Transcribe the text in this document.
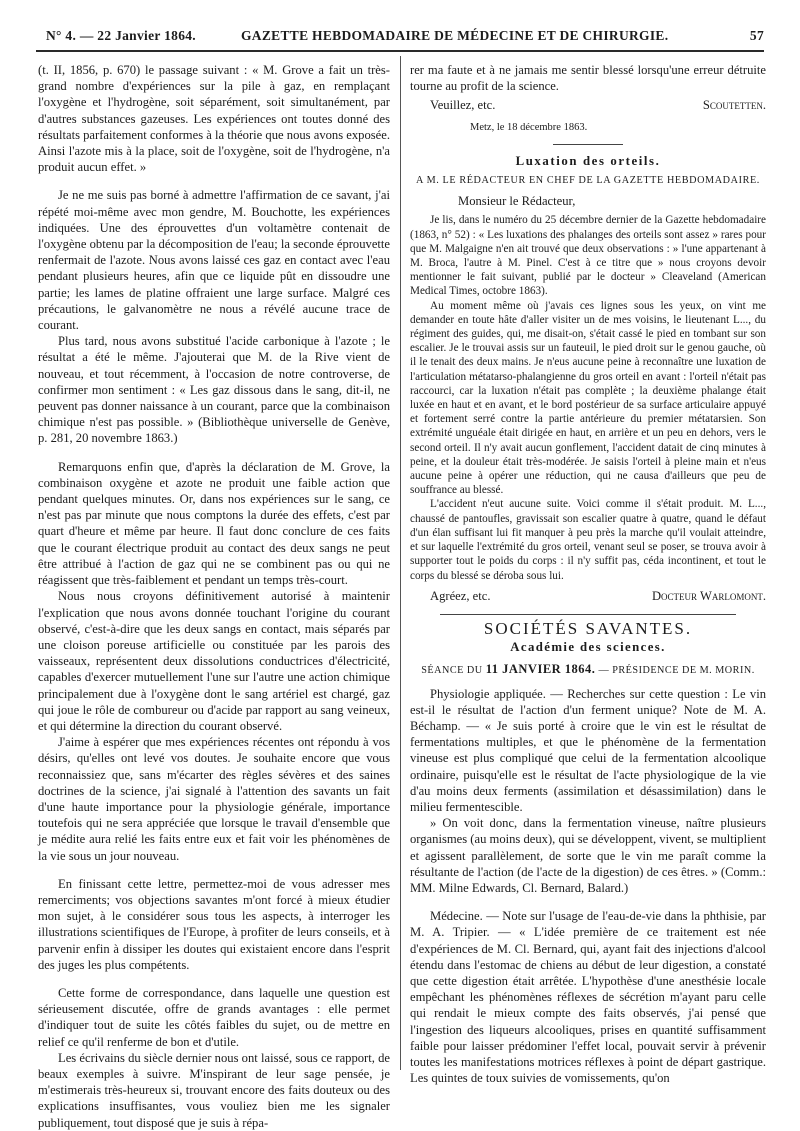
N° 4. — 22 Janvier 1864.	GAZETTE HEBDOMADAIRE DE MÉDECINE ET DE CHIRURGIE.	57

(t. II, 1856, p. 670) le passage suivant : « M. Grove a fait un très-grand nombre d'expériences sur la pile à gaz, en remplaçant l'oxygène et l'hydrogène, soit séparément, soit simultanément, par d'autres substances gazeuses. Les expériences ont toutes donné des résultats parfaitement conformes à la théorie que nous avons exposée. Ainsi l'azote mis à la place, soit de l'oxygène, soit de l'hydrogène, n'a produit aucun effet. »

Je ne me suis pas borné à admettre l'affirmation de ce savant, j'ai répété moi-même avec mon gendre, M. Bouchotte, les expériences indiquées. Une des éprouvettes d'un voltamètre contenait de l'oxygène obtenu par la décomposition de l'eau; la seconde éprouvette renfermait de l'azote. Nous avons laissé ces gaz en contact avec l'eau pendant plusieurs heures, afin que ce liquide pût en dissoudre une partie; les lames de platine offraient une large surface. Malgré ces précautions, le galvanomètre ne nous a révélé aucune trace de courant.

Plus tard, nous avons substitué l'acide carbonique à l'azote ; le résultat a été le même. J'ajouterai que M. de la Rive vient de nouveau, et tout récemment, à l'occasion de notre controverse, de confirmer mon sentiment : « Les gaz dissous dans le sang, dit-il, ne peuvent pas donner naissance à un courant, parce que la combinaison chimique n'est pas possible. » (Bibliothèque universelle de Genève, p. 281, 20 novembre 1863.)

Remarquons enfin que, d'après la déclaration de M. Grove, la combinaison oxygène et azote ne produit une faible action que pendant quelques minutes. Or, dans nos expériences sur le sang, ce n'est pas par minute que nous comptons la durée des effets, c'est par quart d'heure et même par heure. Il faut donc conclure de ces faits que le courant électrique produit au contact des deux sangs ne peut être attribué à l'action de gaz qui ne se combinent pas ou qui ne réagissent que très-faiblement et pendant un temps très-court.

Nous nous croyons définitivement autorisé à maintenir l'explication que nous avons donnée touchant l'origine du courant observé, c'est-à-dire que les deux sangs en contact, mais séparés par une cloison poreuse artificielle ou constituée par les parois des vaisseaux, représentent deux dissolutions conductrices d'électricité, capables d'exercer mutuellement l'une sur l'autre une action chimique principalement due à l'oxygène dont le sang artériel est chargé, gaz qui joue le rôle de combureur ou d'acide par rapport au sang veineux, et qui détermine la direction du courant observé.

J'aime à espérer que mes expériences récentes ont répondu à vos désirs, qu'elles ont levé vos doutes. Je souhaite encore que vous reconnaissiez que, sans m'écarter des règles sévères et des saines doctrines de la science, j'ai signalé à l'attention des savants un fait d'une haute importance pour la physiologie générale, importance toutefois qui ne sera appréciée que lorsque le travail d'ensemble que je médite aura relié les faits entre eux et fait voir les phénomènes de la vie sous un jour nouveau.

En finissant cette lettre, permettez-moi de vous adresser mes remerciments; vos objections savantes m'ont forcé à mieux étudier mon sujet, à le considérer sous tous les aspects, à interroger les illustrations scientifiques de l'Europe, à profiter de leurs conseils, et à parvenir enfin à dissiper les doutes qui existaient encore dans l'esprit des juges les plus compétents.

Cette forme de correspondance, dans laquelle une question est sérieusement discutée, offre de grands avantages : elle permet d'indiquer tout de suite les côtés faibles du sujet, ou de mettre en relief ce qu'il renferme de bon et d'utile.

Les écrivains du siècle dernier nous ont laissé, sous ce rapport, de beaux exemples à suivre. M'inspirant de leur sage pensée, je m'estimerais très-heureux si, trouvant encore des faits douteux ou des explications insuffisantes, vous vouliez bien me les signaler publiquement, tout disposé que je suis à répa-

rer ma faute et à ne jamais me sentir blessé lorsqu'une erreur détruite tourne au profit de la science.

Veuillez, etc.	Scoutetten.
Metz, le 18 décembre 1863.
Luxation des orteils.
A M. LE RÉDACTEUR EN CHEF DE LA GAZETTE HEBDOMADAIRE.
Monsieur le Rédacteur,

Je lis, dans le numéro du 25 décembre dernier de la Gazette hebdomadaire (1863, n° 52) : « Les luxations des phalanges des orteils sont assez » rares pour que M. Malgaigne n'en ait trouvé que deux observations : » l'une appartenant à M. Broca, l'autre à M. Pinel. C'est à ce titre que » nous croyons devoir mentionner le fait suivant, publié par le docteur » Cleaveland (American Medical Times, octobre 1863).

Au moment même où j'avais ces lignes sous les yeux, on vint me demander en toute hâte d'aller visiter un de mes voisins, le lieutenant L..., du régiment des guides, qui, me disait-on, s'était cassé le pied en tombant sur son escalier. Je le trouvai assis sur un fauteuil, le pied droit sur le genou gauche, où il le tenait des deux mains. Je n'eus aucune peine à reconnaître une luxation de l'articulation métatarso-phalangienne du gros orteil en avant : l'orteil n'était pas raccourci, car la luxation n'était pas complète ; la deuxième phalange était luxée en haut et en avant, et le bord postérieur de sa surface articulaire appuyé et fortement serré contre la partie antérieure du premier métatarsien. Son extrémité unguéale était dirigée en haut, en arrière et un peu en dehors, vers le second orteil. Il n'y avait aucun gonflement, l'accident datait de cinq minutes à peine, et la douleur était très-modérée. Je saisis l'orteil à pleine main et n'eus aucune peine à opérer une réduction, qui ne causa d'ailleurs que peu de souffrance au blessé.

L'accident n'eut aucune suite. Voici comme il s'était produit. M. L..., chaussé de pantoufles, gravissait son escalier quatre à quatre, quand le défaut d'un élan suffisant lui fit manquer à peu près la marche qu'il voulait atteindre, et sur laquelle l'extrémité du gros orteil, venant seul se poser, se trouva avoir à supporter tout le poids du corps : il n'y suffit pas, céda incontinent, et tout le corps du blessé se déroba sous lui.

Agréez, etc.	Docteur Warlomont.
SOCIÉTÉS SAVANTES.
Académie des sciences.
SÉANCE DU 11 JANVIER 1864. — PRÉSIDENCE DE M. MORIN.

Physiologie appliquée. — Recherches sur cette question : Le vin est-il le résultat de l'action d'un ferment unique? Note de M. A. Béchamp. — « Je suis porté à croire que le vin est le résultat de fermentations multiples, et que le phénomène de la fermentation vineuse est plus compliqué que celui de la fermentation alcoolique ordinaire, puisqu'elle est le résultat de l'acte physiologique de la vie d'au moins deux ferments (assimilation et désassimilation) dans le milieu fermentescible.

» On voit donc, dans la fermentation vineuse, naître plusieurs organismes (au moins deux), qui se développent, vivent, se multiplient et agissent parallèlement, de sorte que le vin me paraît comme la résultante de l'action (de l'acte de la digestion) de ces êtres. » (Comm.: MM. Milne Edwards, Cl. Bernard, Balard.)

Médecine. — Note sur l'usage de l'eau-de-vie dans la phthisie, par M. A. Tripier. — « L'idée première de ce traitement est née d'expériences de M. Cl. Bernard, qui, ayant fait des injections d'alcool étendu dans l'estomac de chiens au début de leur digestion, a constaté que cette digestion était arrêtée. L'hypothèse d'une anesthésie locale empêchant les phénomènes réflexes de sécrétion m'ayant paru celle qui rendait le mieux compte des faits observés, j'ai pensé que l'ingestion des liqueurs alcooliques, prises en quantité suffisamment faible pour laisser prédominer l'effet local, pouvait servir à prévenir toutes les manifestations motrices réflexes à point de départ gastrique. Les quintes de toux suivies de vomissements, qu'on
